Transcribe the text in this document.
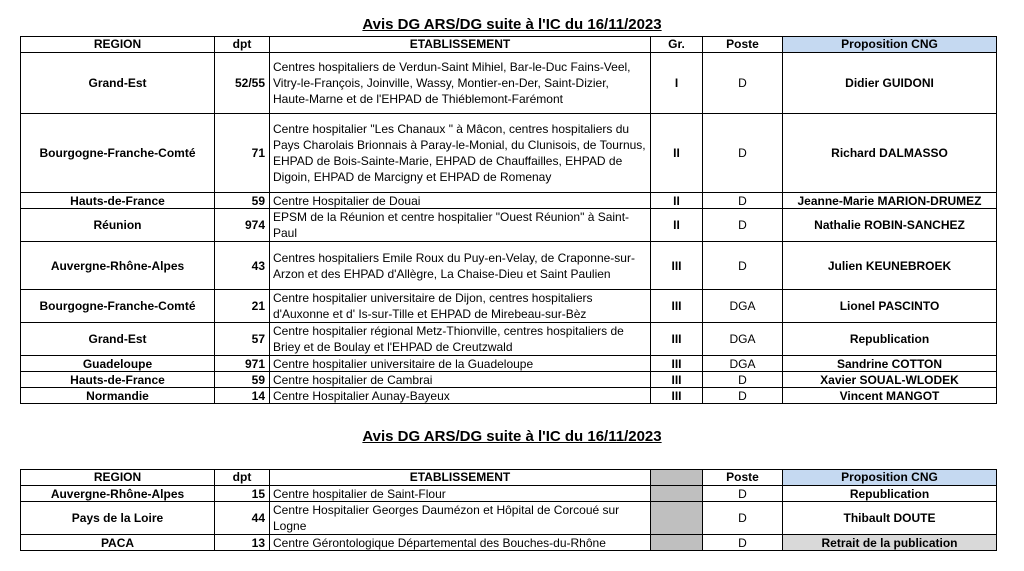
Avis DG ARS/DG suite à l'IC du 16/11/2023
REGION	dpt	ETABLISSEMENT	Gr.	Poste	Proposition CNG
Grand-Est	52/55	Centres hospitaliers de Verdun-Saint Mihiel, Bar-le-Duc Fains-Veel, Vitry-le-François, Joinville, Wassy, Montier-en-Der, Saint-Dizier, Haute-Marne et de l'EHPAD de Thiéblemont-Farémont	I	D	Didier GUIDONI
Bourgogne-Franche-Comté	71	Centre hospitalier "Les Chanaux " à Mâcon, centres hospitaliers du Pays Charolais Brionnais à Paray-le-Monial, du Clunisois, de Tournus, EHPAD de Bois-Sainte-Marie, EHPAD de Chauffailles, EHPAD de Digoin, EHPAD de Marcigny et EHPAD de Romenay	II	D	Richard DALMASSO
Hauts-de-France	59	Centre Hospitalier de Douai	II	D	Jeanne-Marie MARION-DRUMEZ
Réunion	974	EPSM de la Réunion et centre hospitalier "Ouest Réunion" à Saint-Paul	II	D	Nathalie ROBIN-SANCHEZ
Auvergne-Rhône-Alpes	43	Centres hospitaliers Emile Roux du Puy-en-Velay, de Craponne-sur-Arzon et des EHPAD d'Allègre, La Chaise-Dieu et Saint Paulien	III	D	Julien KEUNEBROEK
Bourgogne-Franche-Comté	21	Centre hospitalier universitaire de Dijon, centres hospitaliers d'Auxonne et d' Is-sur-Tille et EHPAD de Mirebeau-sur-Bèz	III	DGA	Lionel PASCINTO
Grand-Est	57	Centre hospitalier régional Metz-Thionville, centres hospitaliers de Briey et de Boulay et l'EHPAD de Creutzwald	III	DGA	Republication
Guadeloupe	971	Centre hospitalier universitaire de la Guadeloupe	III	DGA	Sandrine COTTON
Hauts-de-France	59	Centre hospitalier de Cambrai	III	D	Xavier SOUAL-WLODEK
Normandie	14	Centre Hospitalier Aunay-Bayeux	III	D	Vincent MANGOT
Avis DG ARS/DG suite à l'IC du 16/11/2023
REGION	dpt	ETABLISSEMENT		Poste	Proposition CNG
Auvergne-Rhône-Alpes	15	Centre hospitalier de Saint-Flour		D	Republication
Pays de la Loire	44	Centre Hospitalier Georges Daumézon et Hôpital de Corcoué sur Logne		D	Thibault DOUTE
PACA	13	Centre Gérontologique Départemental des Bouches-du-Rhône		D	Retrait de la publication
